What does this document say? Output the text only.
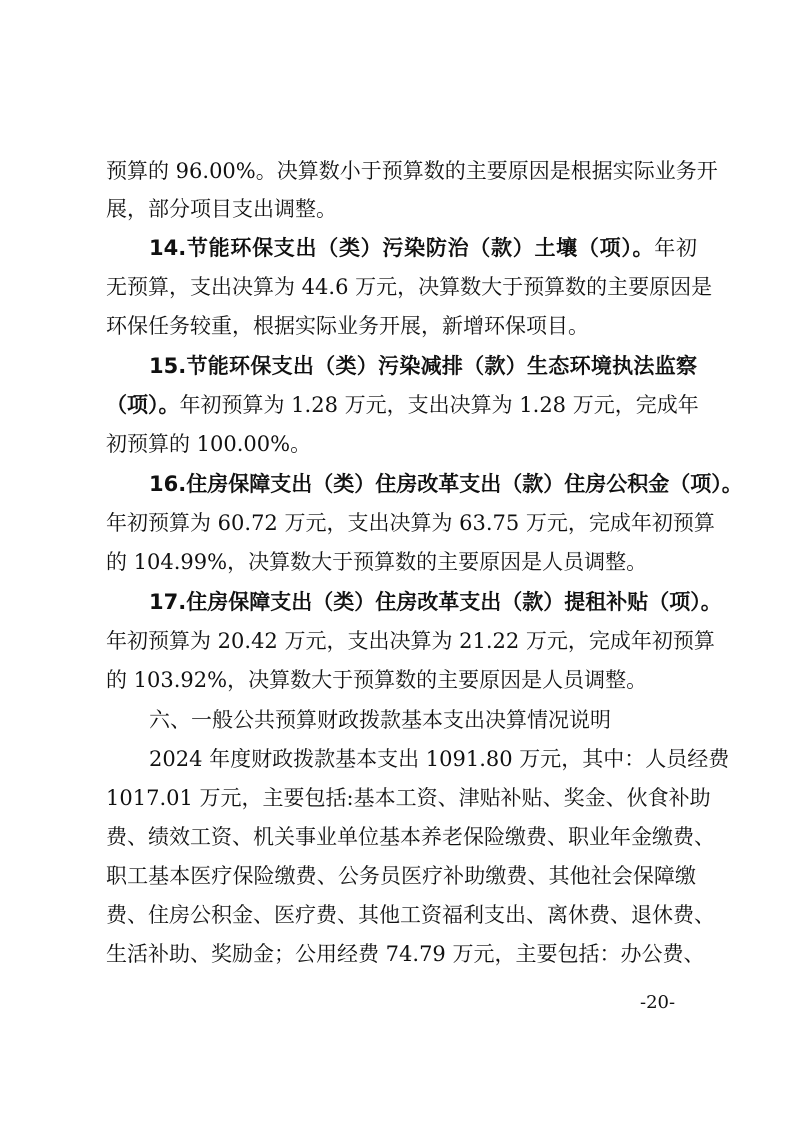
预算的 96.00%。决算数小于预算数的主要原因是根据实际业务开
展，部分项目支出调整。
14.节能环保支出（类）污染防治（款）土壤（项）。年初
无预算，支出决算为 44.6 万元，决算数大于预算数的主要原因是
环保任务较重，根据实际业务开展，新增环保项目。
15.节能环保支出（类）污染减排（款）生态环境执法监察
（项）。年初预算为 1.28 万元，支出决算为 1.28 万元，完成年
初预算的 100.00%。
16.住房保障支出（类）住房改革支出（款）住房公积金（项）。
年初预算为 60.72 万元，支出决算为 63.75 万元，完成年初预算
的 104.99%，决算数大于预算数的主要原因是人员调整。
17.住房保障支出（类）住房改革支出（款）提租补贴（项）。
年初预算为 20.42 万元，支出决算为 21.22 万元，完成年初预算
的 103.92%，决算数大于预算数的主要原因是人员调整。
六、一般公共预算财政拨款基本支出决算情况说明
2024 年度财政拨款基本支出 1091.80 万元，其中：人员经费
1017.01 万元，主要包括:基本工资、津贴补贴、奖金、伙食补助
费、绩效工资、机关事业单位基本养老保险缴费、职业年金缴费、
职工基本医疗保险缴费、公务员医疗补助缴费、其他社会保障缴
费、住房公积金、医疗费、其他工资福利支出、离休费、退休费、
生活补助、奖励金；公用经费 74.79 万元，主要包括：办公费、
-20-
